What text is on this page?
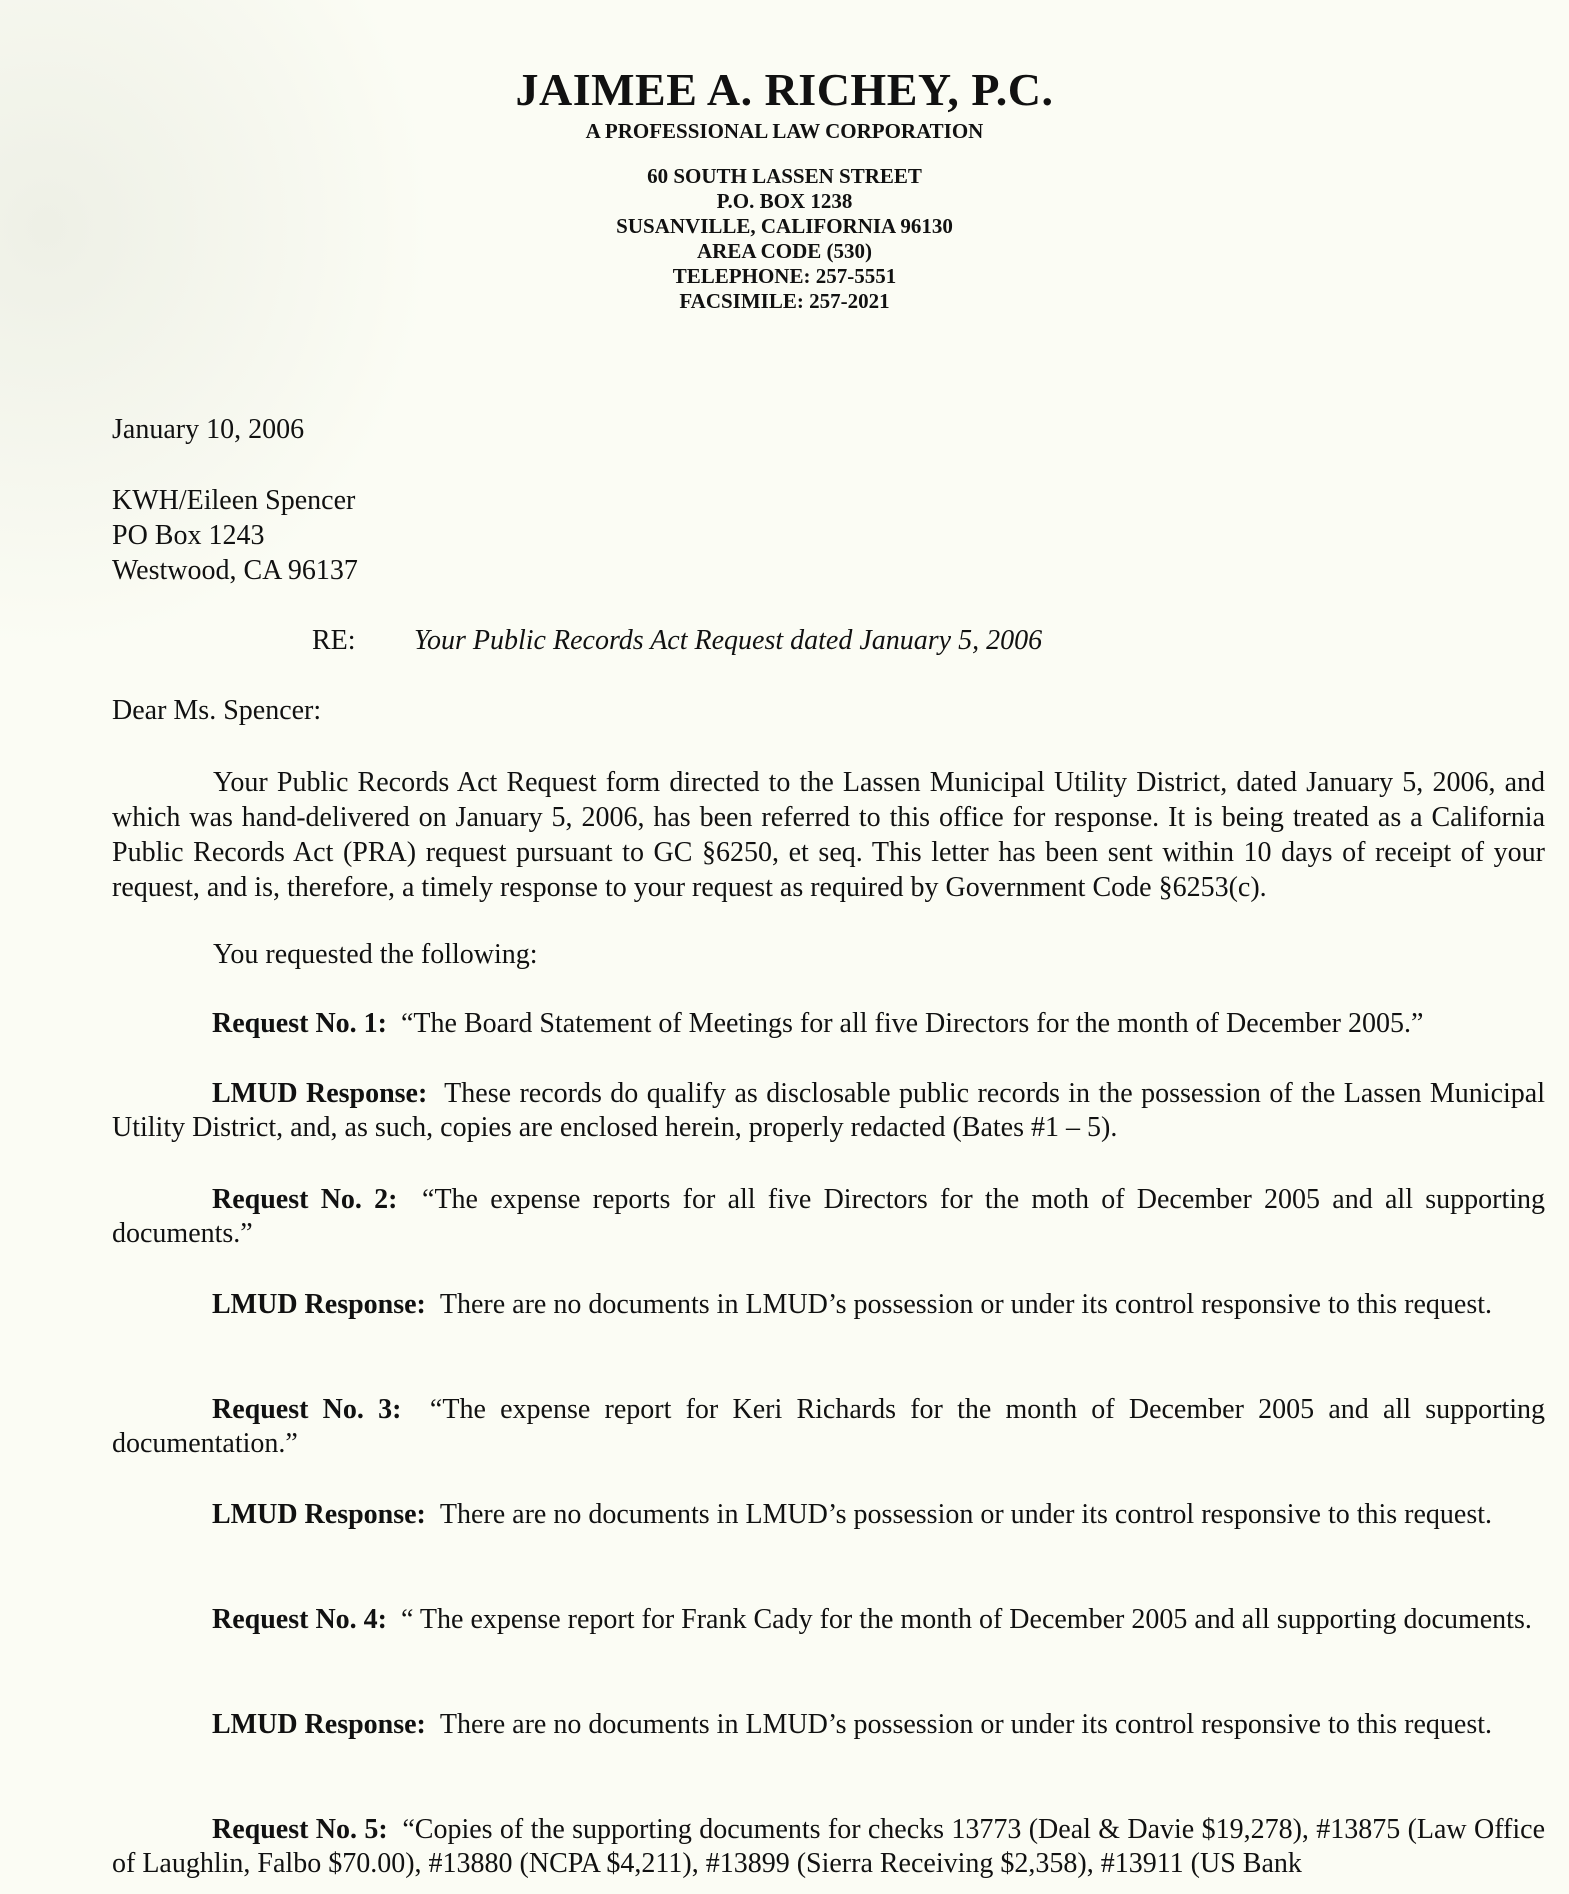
JAIMEE A. RICHEY, P.C.
A PROFESSIONAL LAW CORPORATION
60 SOUTH LASSEN STREET
P.O. BOX 1238
SUSANVILLE, CALIFORNIA 96130
AREA CODE (530)
TELEPHONE: 257-5551
FACSIMILE: 257-2021
January 10, 2006
KWH/Eileen Spencer
PO Box 1243
Westwood, CA 96137
RE: Your Public Records Act Request dated January 5, 2006
Dear Ms. Spencer:

Your Public Records Act Request form directed to the Lassen Municipal Utility District, dated January 5, 2006, and which was hand-delivered on January 5, 2006, has been referred to this office for response. It is being treated as a California Public Records Act (PRA) request pursuant to GC §6250, et seq. This letter has been sent within 10 days of receipt of your request, and is, therefore, a timely response to your request as required by Government Code §6253(c).

You requested the following:

Request No. 1: “The Board Statement of Meetings for all five Directors for the month of December 2005.”
LMUD Response: These records do qualify as disclosable public records in the possession of the Lassen Municipal Utility District, and, as such, copies are enclosed herein, properly redacted (Bates #1 – 5).
Request No. 2: “The expense reports for all five Directors for the moth of December 2005 and all supporting documents.”
LMUD Response: There are no documents in LMUD’s possession or under its control responsive to this request.
Request No. 3: “The expense report for Keri Richards for the month of December 2005 and all supporting documentation.”
LMUD Response: There are no documents in LMUD’s possession or under its control responsive to this request.
Request No. 4: “ The expense report for Frank Cady for the month of December 2005 and all supporting documents.
LMUD Response: There are no documents in LMUD’s possession or under its control responsive to this request.
Request No. 5: “Copies of the supporting documents for checks 13773 (Deal & Davie $19,278), #13875 (Law Office of Laughlin, Falbo $70.00), #13880 (NCPA $4,211), #13899 (Sierra Receiving $2,358), #13911 (US Bank
